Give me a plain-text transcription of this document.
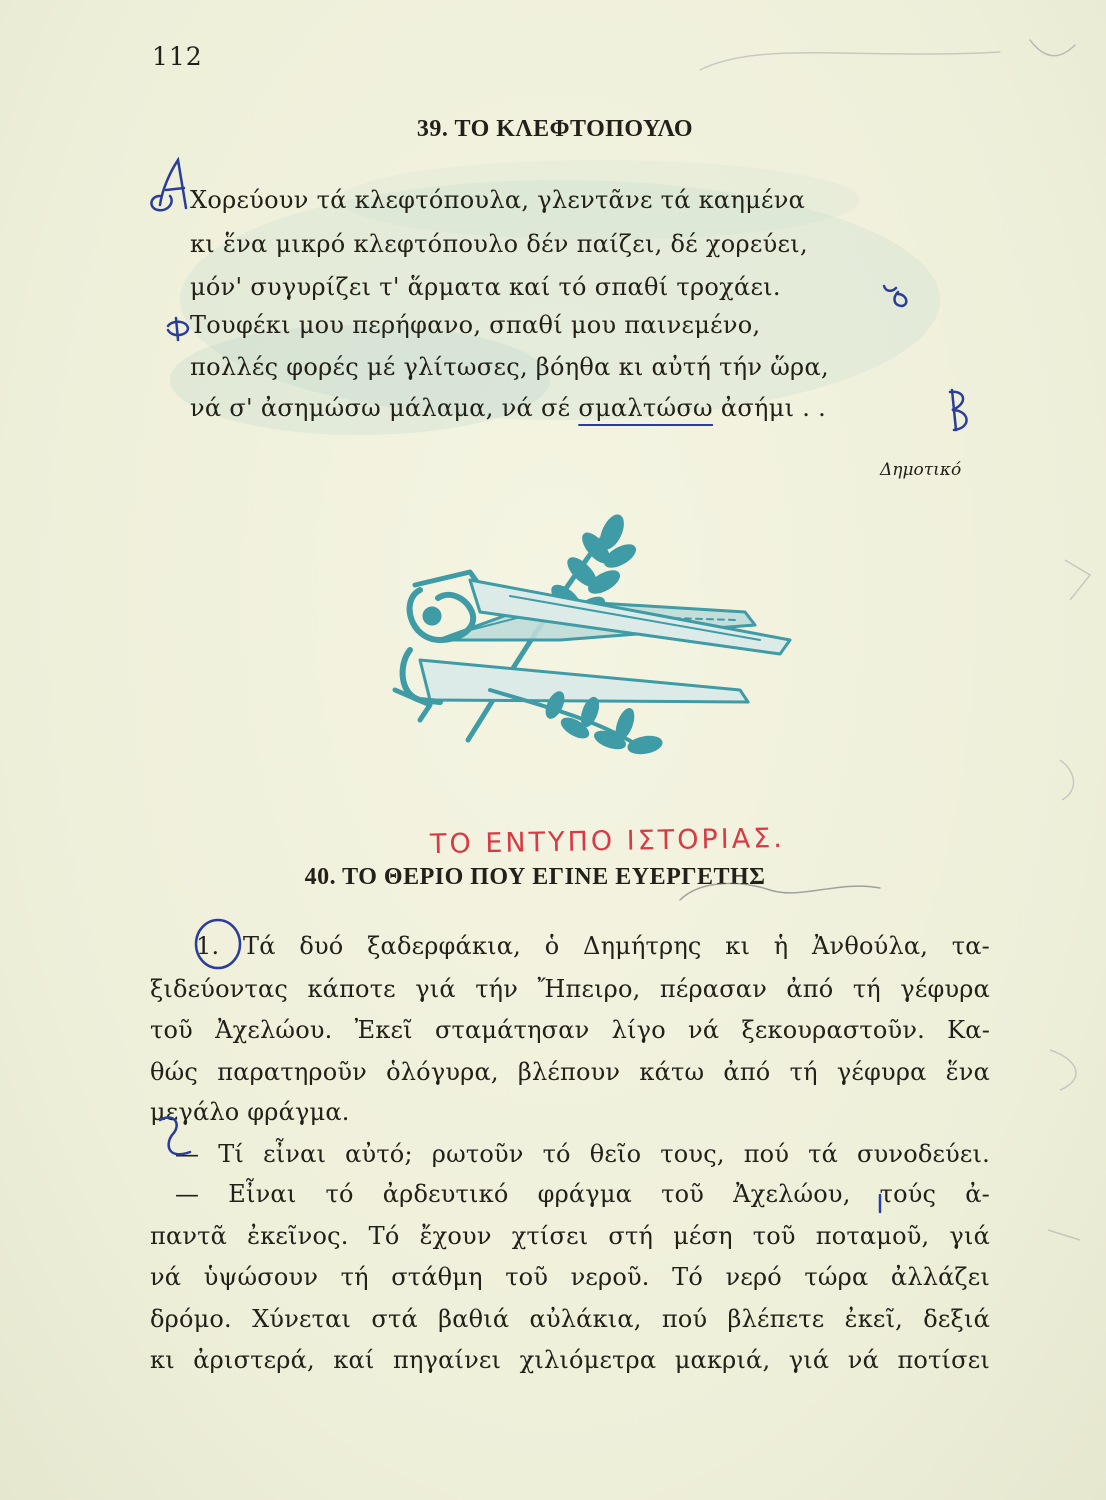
112
39. ΤΟ ΚΛΕΦΤΟΠΟΥΛΟ
Χορεύουν τά κλεφτόπουλα, γλεντᾶνε τά καημένα
κι ἕνα μικρό κλεφτόπουλο δέν παίζει, δέ χορεύει,
μόν' συγυρίζει τ' ἅρματα καί τό σπαθί τροχάει.
Τουφέκι μου περήφανο, σπαθί μου παινεμένο,
πολλές φορές μέ γλίτωσες, βόηθα κι αὐτή τήν ὥρα,
νά σ' ἀσημώσω μάλαμα, νά σέ σμαλτώσω ἀσήμι . .
Δημοτικό
ΤΟ ΕΝΤΥΠΟ ΙΣΤΟΡΙΑΣ.
40. ΤΟ ΘΕΡΙΟ ΠΟΥ ΕΓΙΝΕ ΕΥΕΡΓΕΤΗΣ
1. Τά δυό ξαδερφάκια, ὁ Δημήτρης κι ἡ Ἀνθούλα, τα-
ξιδεύοντας κάποτε γιά τήν Ἤπειρο, πέρασαν ἀπό τή γέφυρα
τοῦ Ἀχελώου. Ἐκεῖ σταμάτησαν λίγο νά ξεκουραστοῦν. Κα-
θώς παρατηροῦν ὁλόγυρα, βλέπουν κάτω ἀπό τή γέφυρα ἕνα
μεγάλο φράγμα.
— Τί εἶναι αὐτό; ρωτοῦν τό θεῖο τους, πού τά συνοδεύει.
— Εἶναι τό ἀρδευτικό φράγμα τοῦ Ἀχελώου, τούς ἀ-
παντᾶ ἐκεῖνος. Τό ἔχουν χτίσει στή μέση τοῦ ποταμοῦ, γιά
νά ὑψώσουν τή στάθμη τοῦ νεροῦ. Τό νερό τώρα ἀλλάζει
δρόμο. Χύνεται στά βαθιά αὐλάκια, πού βλέπετε ἐκεῖ, δεξιά
κι ἀριστερά, καί πηγαίνει χιλιόμετρα μακριά, γιά νά ποτίσει
